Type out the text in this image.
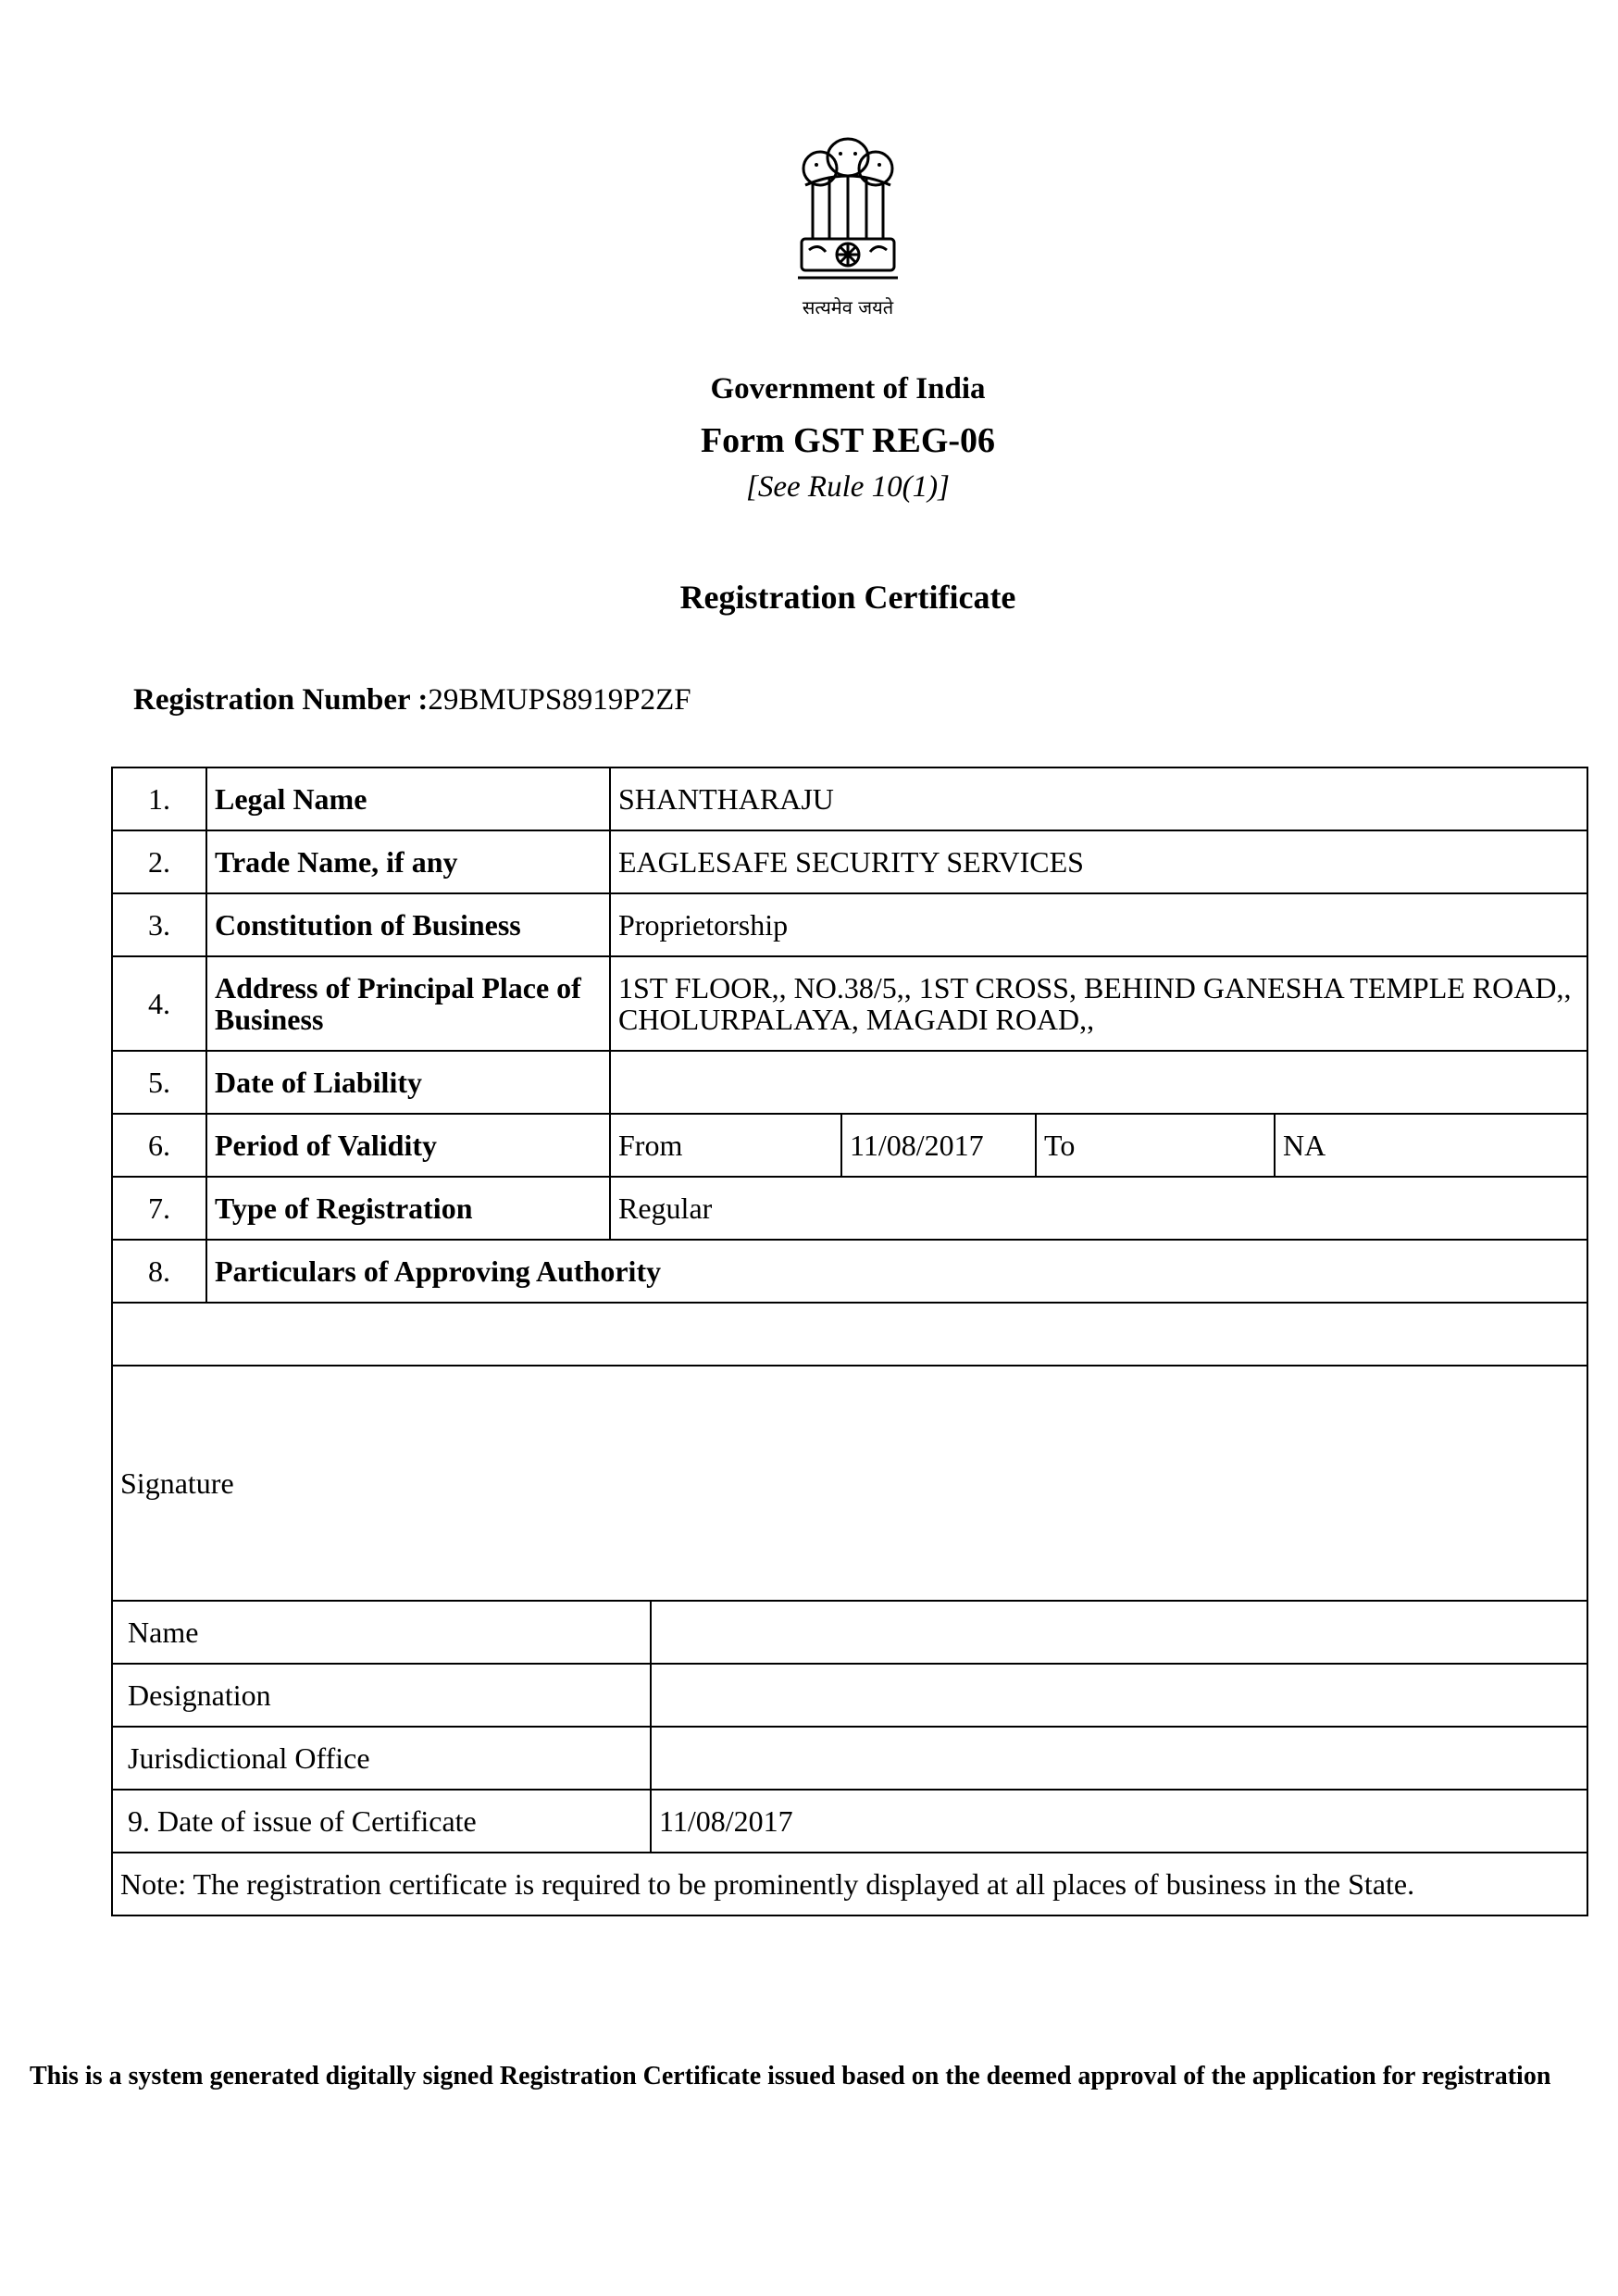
सत्यमेव जयते
Government of India
Form GST REG-06
[See Rule 10(1)]
Registration Certificate
Registration Number :29BMUPS8919P2ZF
1.	Legal Name	SHANTHARAJU				
2.	Trade Name, if any	EAGLESAFE SECURITY SERVICES				
3.	Constitution of Business	Proprietorship				
4.	Address of Principal Place of Business	1ST FLOOR,, NO.38/5,, 1ST CROSS, BEHIND GANESHA TEMPLE ROAD,, CHOLURPALAYA, MAGADI ROAD,,				
5.	Date of Liability					
6.	Period of Validity	From		11/08/2017	To	NA
7.	Type of Registration	Regular				
8.	Particulars of Approving Authority					

Signature						
Name						
Designation						
Jurisdictional Office						
9. Date of issue of Certificate			11/08/2017			
Note: The registration certificate is required to be prominently displayed at all places of business in the State.						
This is a system generated digitally signed Registration Certificate issued based on the deemed approval of the application for registration
